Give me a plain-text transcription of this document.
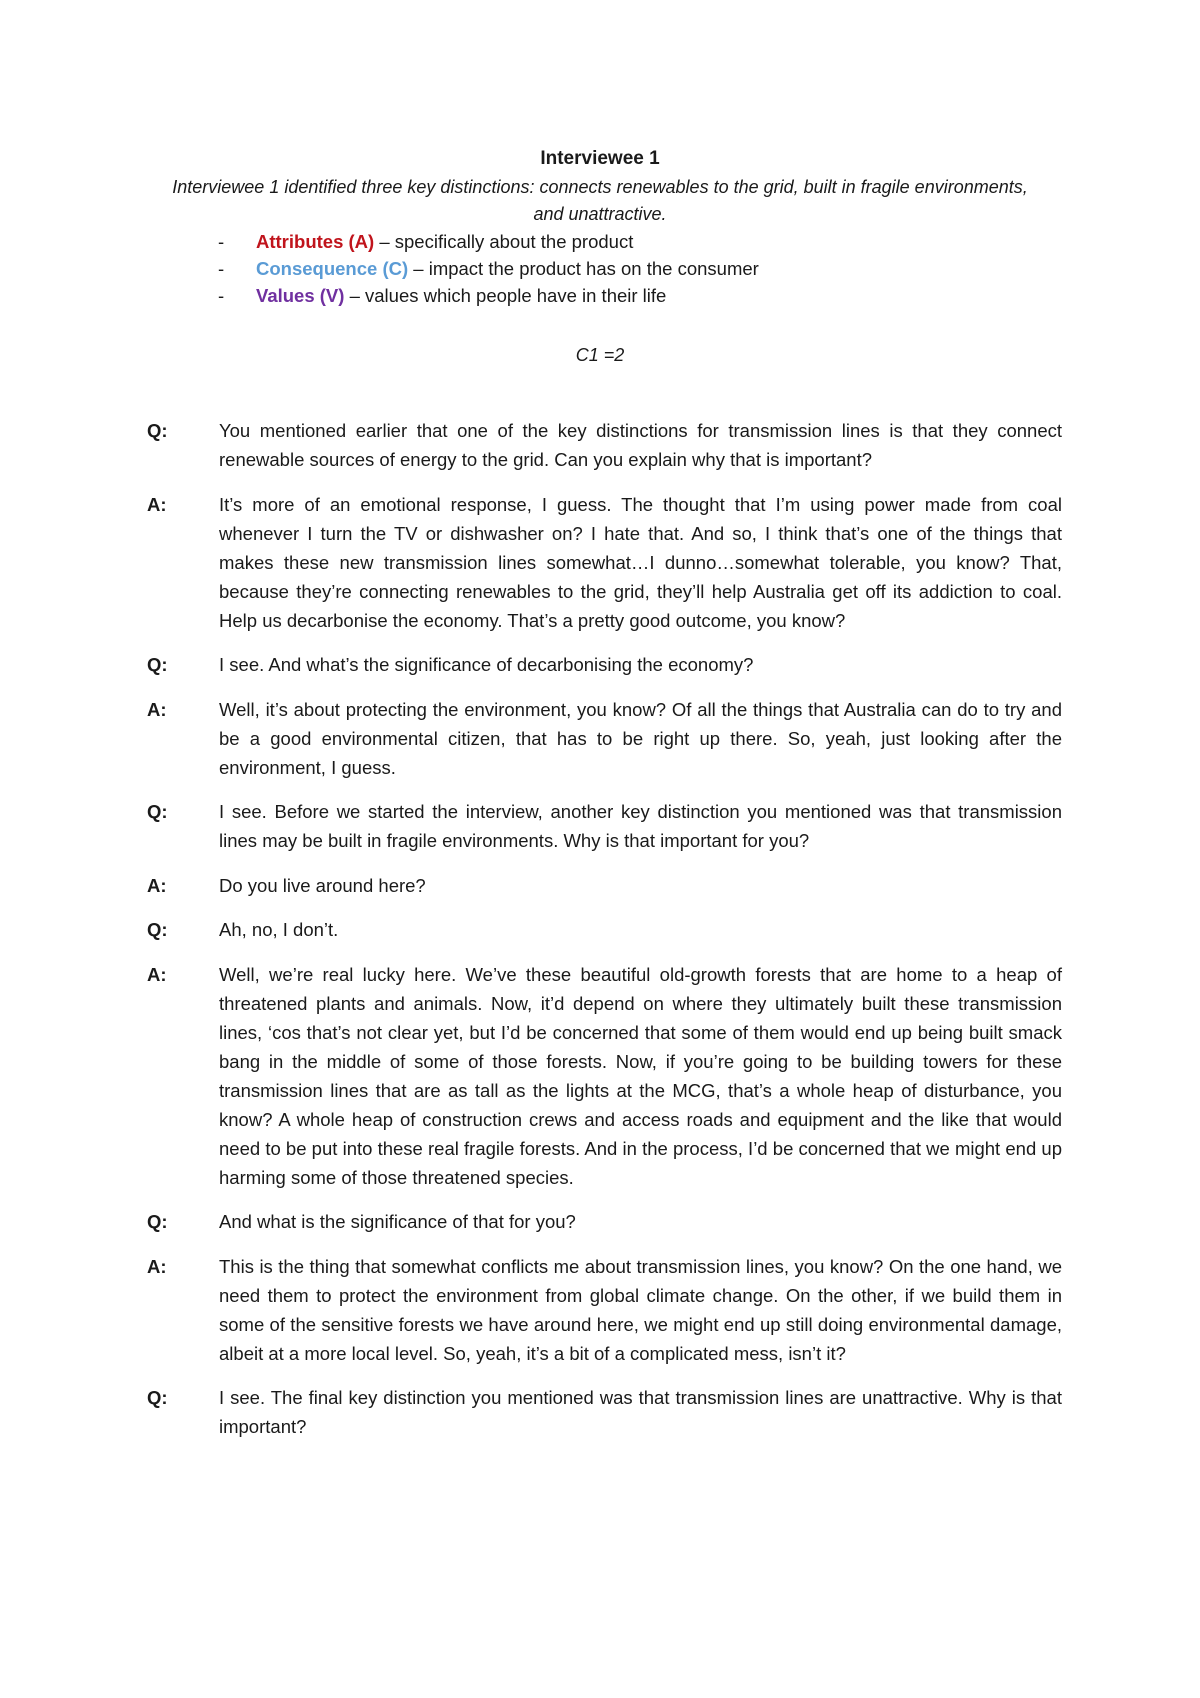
Interviewee 1
Interviewee 1 identified three key distinctions: connects renewables to the grid, built in fragile environments, and unattractive.
- Attributes (A) – specifically about the product
- Consequence (C) – impact the product has on the consumer
- Values (V) – values which people have in their life
C1 =2
Q:	You mentioned earlier that one of the key distinctions for transmission lines is that they connect renewable sources of energy to the grid. Can you explain why that is important?
A:	It’s more of an emotional response, I guess. The thought that I’m using power made from coal whenever I turn the TV or dishwasher on? I hate that. And so, I think that’s one of the things that makes these new transmission lines somewhat…I dunno…somewhat tolerable, you know? That, because they’re connecting renewables to the grid, they’ll help Australia get off its addiction to coal. Help us decarbonise the economy. That’s a pretty good outcome, you know?
Q:	I see. And what’s the significance of decarbonising the economy?
A:	Well, it’s about protecting the environment, you know? Of all the things that Australia can do to try and be a good environmental citizen, that has to be right up there. So, yeah, just looking after the environment, I guess.
Q:	I see. Before we started the interview, another key distinction you mentioned was that transmission lines may be built in fragile environments. Why is that important for you?
A:	Do you live around here?
Q:	Ah, no, I don’t.
A:	Well, we’re real lucky here. We’ve these beautiful old-growth forests that are home to a heap of threatened plants and animals. Now, it’d depend on where they ultimately built these transmission lines, ‘cos that’s not clear yet, but I’d be concerned that some of them would end up being built smack bang in the middle of some of those forests. Now, if you’re going to be building towers for these transmission lines that are as tall as the lights at the MCG, that’s a whole heap of disturbance, you know? A whole heap of construction crews and access roads and equipment and the like that would need to be put into these real fragile forests. And in the process, I’d be concerned that we might end up harming some of those threatened species.
Q:	And what is the significance of that for you?
A:	This is the thing that somewhat conflicts me about transmission lines, you know? On the one hand, we need them to protect the environment from global climate change. On the other, if we build them in some of the sensitive forests we have around here, we might end up still doing environmental damage, albeit at a more local level. So, yeah, it’s a bit of a complicated mess, isn’t it?
Q:	I see. The final key distinction you mentioned was that transmission lines are unattractive. Why is that important?
